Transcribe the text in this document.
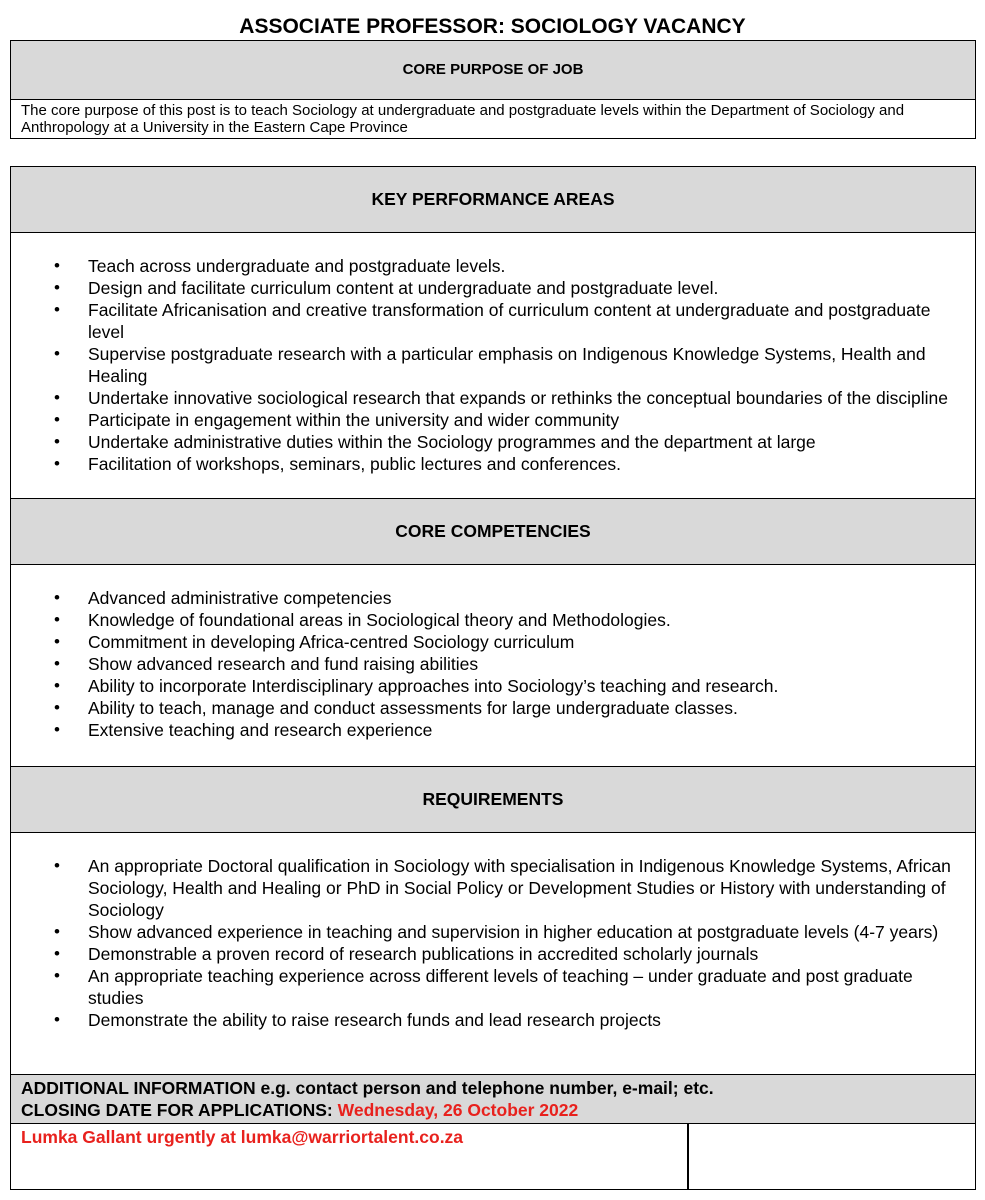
ASSOCIATE PROFESSOR: SOCIOLOGY VACANCY
CORE PURPOSE OF JOB
The core purpose of this post is to teach Sociology at undergraduate and postgraduate levels within the Department of Sociology and Anthropology at a University in the Eastern Cape Province
KEY PERFORMANCE AREAS
• Teach across undergraduate and postgraduate levels.
• Design and facilitate curriculum content at undergraduate and postgraduate level.
• Facilitate Africanisation and creative transformation of curriculum content at undergraduate and postgraduate level
• Supervise postgraduate research with a particular emphasis on Indigenous Knowledge Systems, Health and Healing
• Undertake innovative sociological research that expands or rethinks the conceptual boundaries of the discipline
• Participate in engagement within the university and wider community
• Undertake administrative duties within the Sociology programmes and the department at large
• Facilitation of workshops, seminars, public lectures and conferences.
CORE COMPETENCIES
• Advanced administrative competencies
• Knowledge of foundational areas in Sociological theory and Methodologies.
• Commitment in developing Africa-centred Sociology curriculum
• Show advanced research and fund raising abilities
• Ability to incorporate Interdisciplinary approaches into Sociology’s teaching and research.
• Ability to teach, manage and conduct assessments for large undergraduate classes.
• Extensive teaching and research experience
REQUIREMENTS
• An appropriate Doctoral qualification in Sociology with specialisation in Indigenous Knowledge Systems, African Sociology, Health and Healing or PhD in Social Policy or Development Studies or History with understanding of Sociology
• Show advanced experience in teaching and supervision in higher education at postgraduate levels (4-7 years)
• Demonstrable a proven record of research publications in accredited scholarly journals
• An appropriate teaching experience across different levels of teaching – under graduate and post graduate studies
• Demonstrate the ability to raise research funds and lead research projects
ADDITIONAL INFORMATION e.g. contact person and telephone number, e-mail; etc.
CLOSING DATE FOR APPLICATIONS: Wednesday, 26 October 2022
Lumka Gallant urgently at lumka@warriortalent.co.za
